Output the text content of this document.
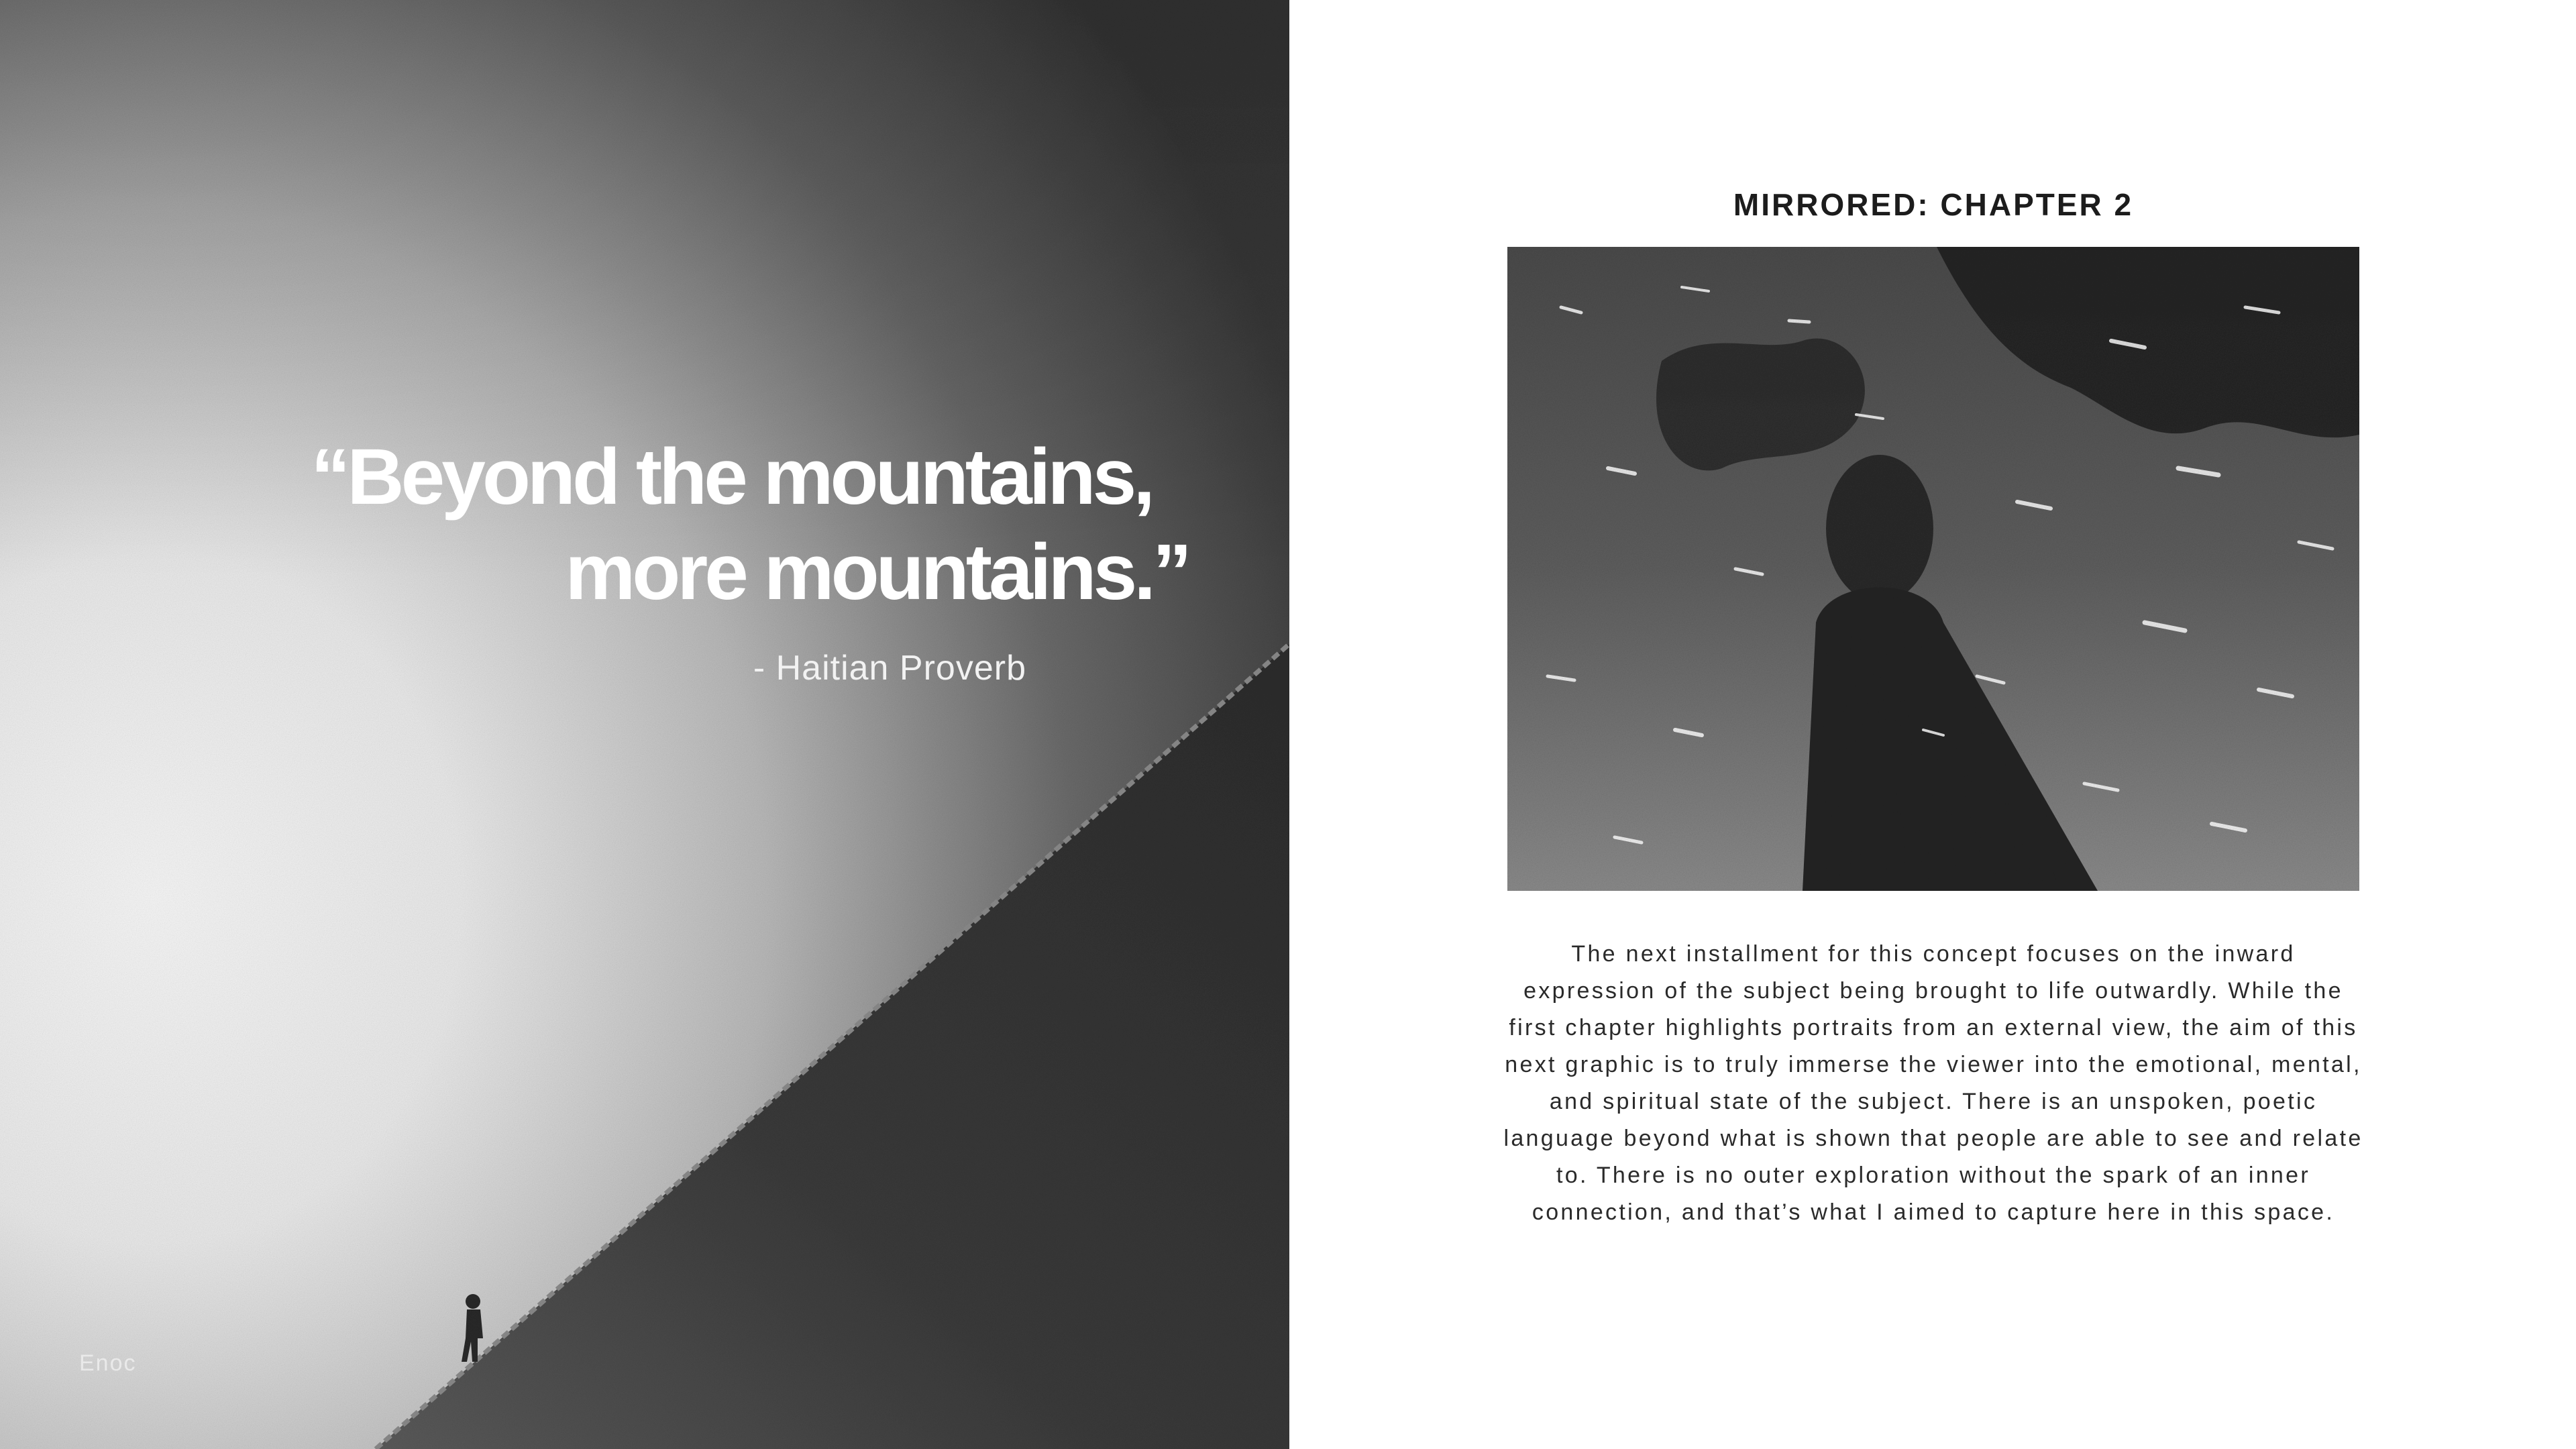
“Beyond the mountains,
more mountains.”
- Haitian Proverb
Enoc
MIRRORED: CHAPTER 2

The next installment for this concept focuses on the inward expression of the subject being brought to life outwardly. While the first chapter highlights portraits from an external view, the aim of this next graphic is to truly immerse the viewer into the emotional, mental, and spiritual state of the subject. There is an unspoken, poetic language beyond what is shown that people are able to see and relate to. There is no outer exploration without the spark of an inner connection, and that’s what I aimed to capture here in this space.
